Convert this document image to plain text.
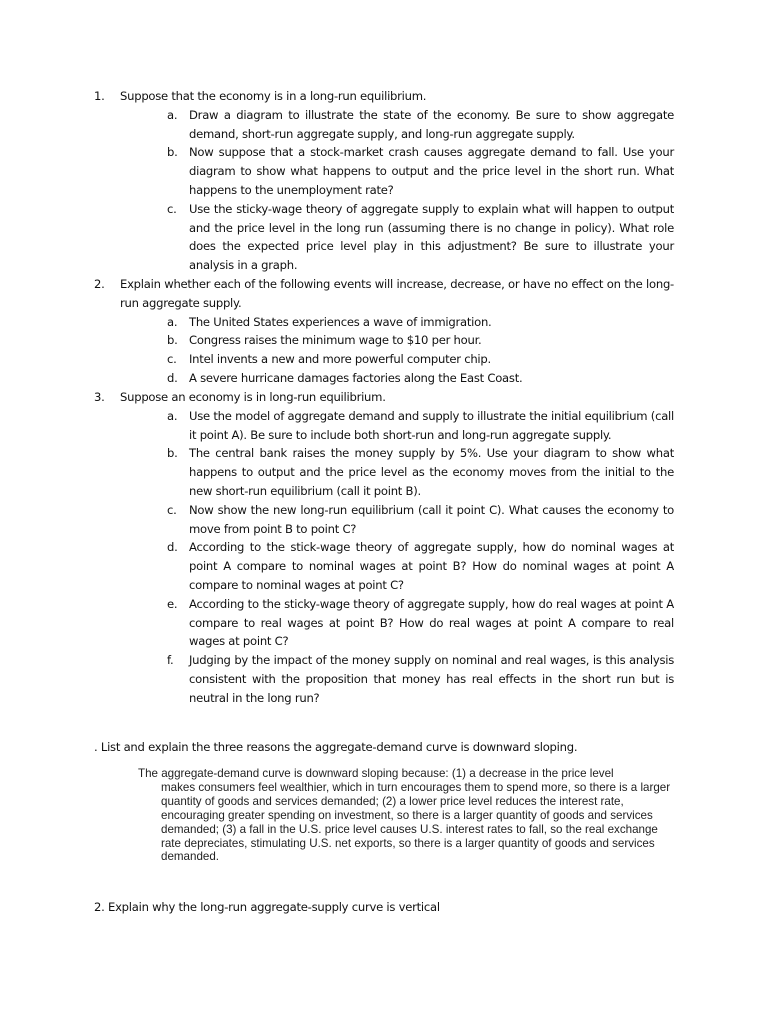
1. Suppose that the economy is in a long-run equilibrium.
a. Draw a diagram to illustrate the state of the economy. Be sure to show aggregate demand, short-run aggregate supply, and long-run aggregate supply.
b. Now suppose that a stock-market crash causes aggregate demand to fall. Use your diagram to show what happens to output and the price level in the short run. What happens to the unemployment rate?
c. Use the sticky-wage theory of aggregate supply to explain what will happen to output and the price level in the long run (assuming there is no change in policy). What role does the expected price level play in this adjustment? Be sure to illustrate your analysis in a graph.
2. Explain whether each of the following events will increase, decrease, or have no effect on the long-run aggregate supply.
a. The United States experiences a wave of immigration.
b. Congress raises the minimum wage to $10 per hour.
c. Intel invents a new and more powerful computer chip.
d. A severe hurricane damages factories along the East Coast.
3. Suppose an economy is in long-run equilibrium.
a. Use the model of aggregate demand and supply to illustrate the initial equilibrium (call it point A). Be sure to include both short-run and long-run aggregate supply.
b. The central bank raises the money supply by 5%. Use your diagram to show what happens to output and the price level as the economy moves from the initial to the new short-run equilibrium (call it point B).
c. Now show the new long-run equilibrium (call it point C). What causes the economy to move from point B to point C?
d. According to the stick-wage theory of aggregate supply, how do nominal wages at point A compare to nominal wages at point B? How do nominal wages at point A compare to nominal wages at point C?
e. According to the sticky-wage theory of aggregate supply, how do real wages at point A compare to real wages at point B? How do real wages at point A compare to real wages at point C?
f. Judging by the impact of the money supply on nominal and real wages, is this analysis consistent with the proposition that money has real effects in the short run but is neutral in the long run?
. List and explain the three reasons the aggregate-demand curve is downward sloping.
The aggregate-demand curve is downward sloping because: (1) a decrease in the price level
makes consumers feel wealthier, which in turn encourages them to spend more, so there is a larger quantity of goods and services demanded; (2) a lower price level reduces the interest rate, encouraging greater spending on investment, so there is a larger quantity of goods and services demanded; (3) a fall in the U.S. price level causes U.S. interest rates to fall, so the real exchange rate depreciates, stimulating U.S. net exports, so there is a larger quantity of goods and services demanded.
2. Explain why the long-run aggregate-supply curve is vertical
